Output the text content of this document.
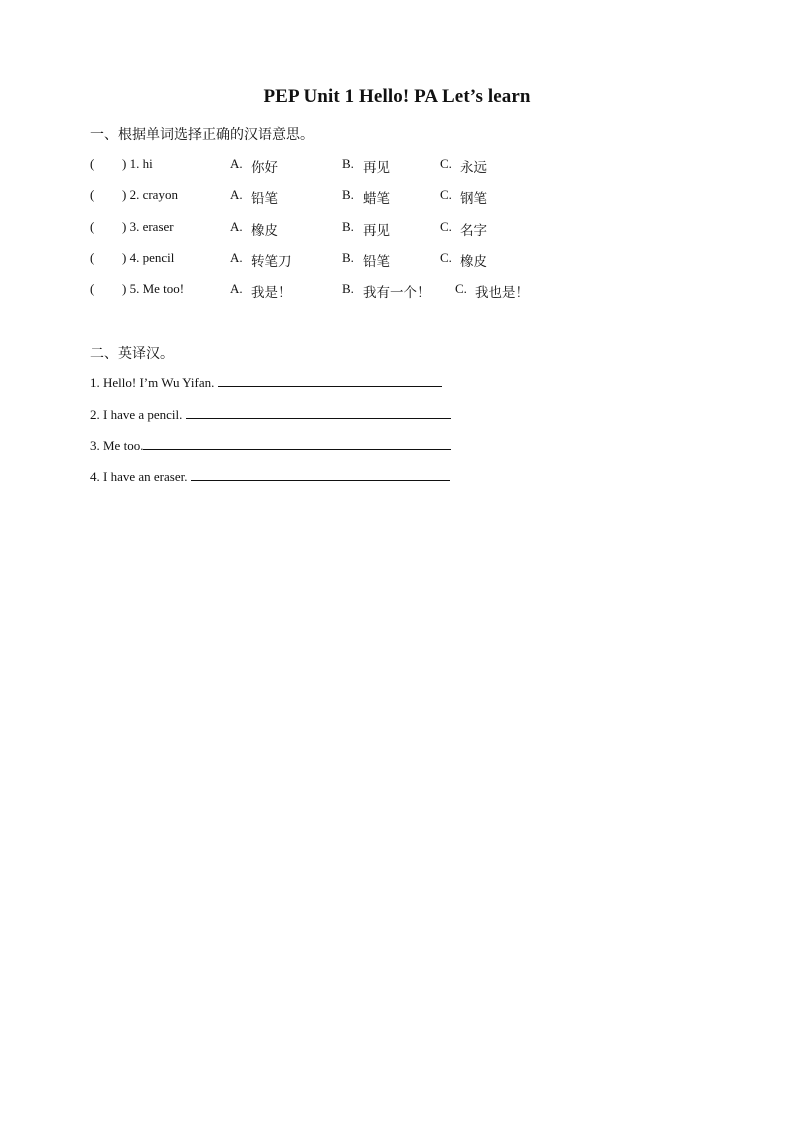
PEP Unit 1 Hello! PA Let’s learn
一、根据单词选择正确的汉语意思。
( ) 1. hi	A. 你好	B. 再见	C. 永远
( ) 2. crayon	A. 铅笔	B. 蜡笔	C. 钢笔
( ) 3. eraser	A. 橡皮	B. 再见	C. 名字
( ) 4. pencil	A. 转笔刀	B. 铅笔	C. 橡皮
( ) 5. Me too!	A. 我是！	B. 我有一个！ C. 我也是！
二、英译汉。
1. Hello! I’m Wu Yifan.
2. I have a pencil.
3. Me too.
4. I have an eraser.
